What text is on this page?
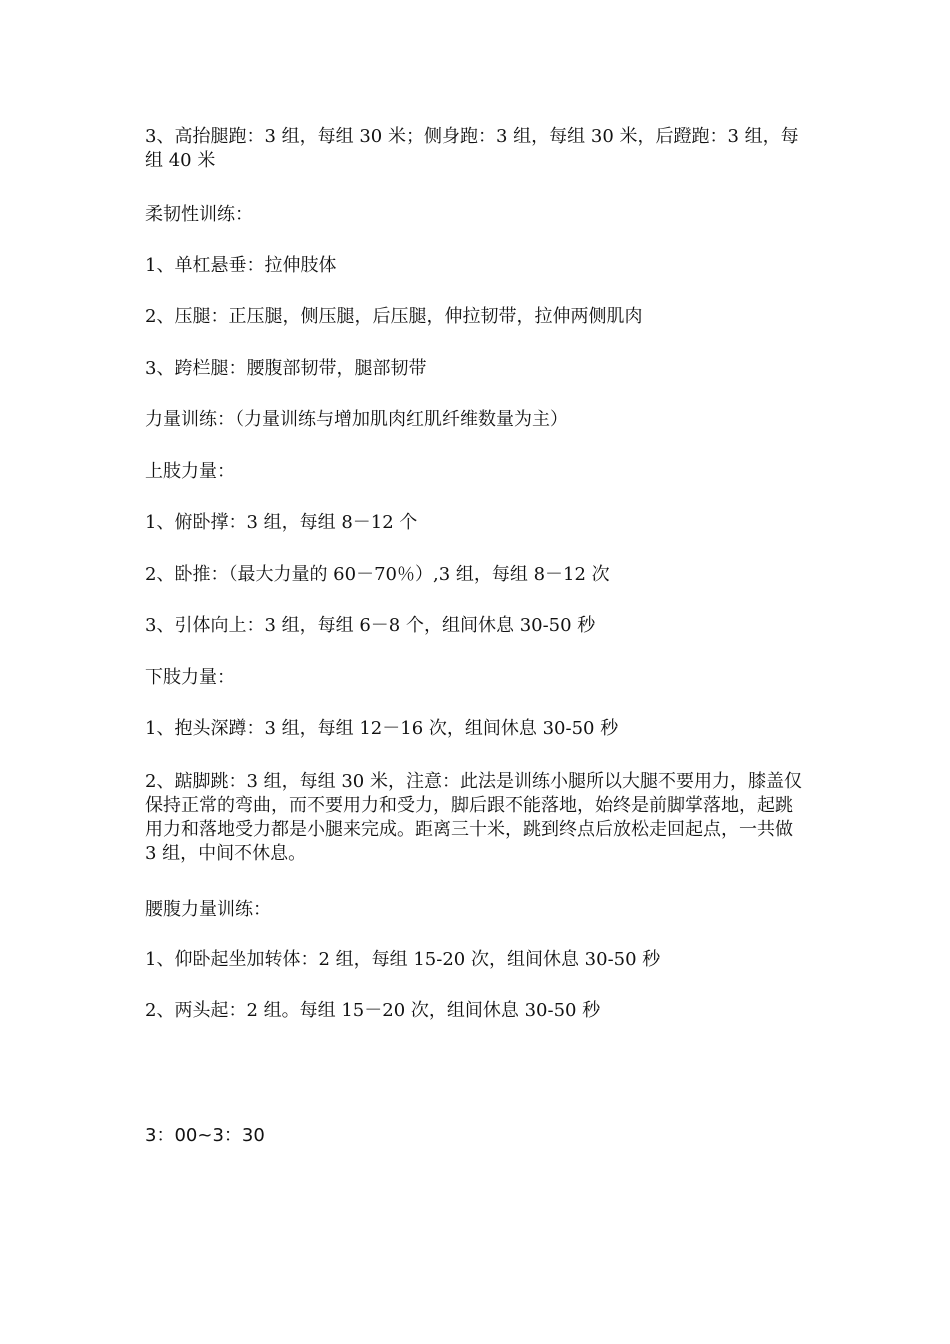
3、高抬腿跑：3 组，每组 30 米；侧身跑：3 组，每组 30 米，后蹬跑：3 组，每组 40 米

柔韧性训练：

1、单杠悬垂：拉伸肢体

2、压腿：正压腿，侧压腿，后压腿，伸拉韧带，拉伸两侧肌肉

3、跨栏腿：腰腹部韧带，腿部韧带

力量训练：（力量训练与增加肌肉红肌纤维数量为主）

上肢力量：

1、俯卧撑：3 组，每组 8－12 个

2、卧推：（最大力量的 60－70％）,3 组，每组 8－12 次

3、引体向上：3 组，每组 6－8 个，组间休息 30-50 秒

下肢力量：

1、抱头深蹲：3 组，每组 12－16 次，组间休息 30-50 秒

2、踮脚跳：3 组，每组 30 米，注意：此法是训练小腿所以大腿不要用力，膝盖仅保持正常的弯曲，而不要用力和受力，脚后跟不能落地，始终是前脚掌落地，起跳用力和落地受力都是小腿来完成。距离三十米，跳到终点后放松走回起点，一共做 3 组，中间不休息。

腰腹力量训练：

1、仰卧起坐加转体：2 组，每组 15-20 次，组间休息 30-50 秒

2、两头起：2 组。每组 15－20 次，组间休息 30-50 秒

3：00~3：30
